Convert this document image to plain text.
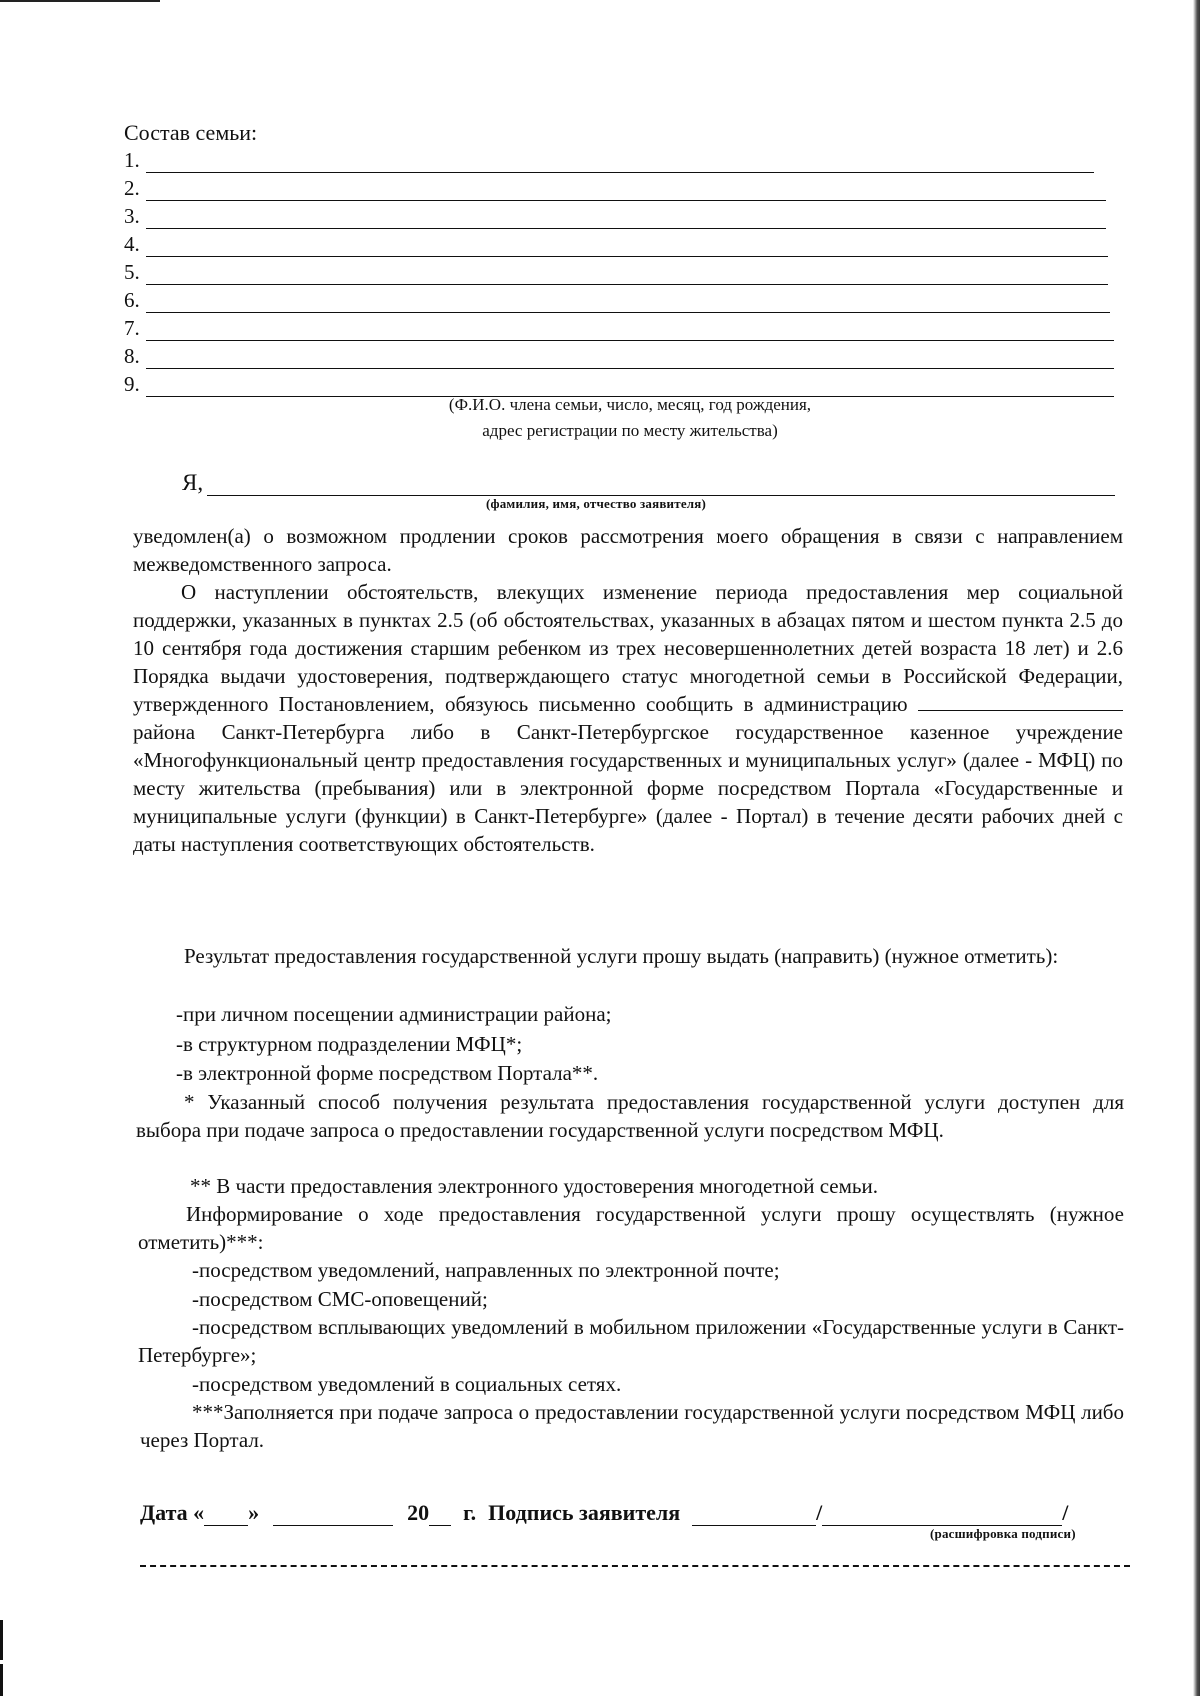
Состав семьи:
1.
2.
3.
4.
5.
6.
7.
8.
9.
(Ф.И.О. члена семьи, число, месяц, год рождения,
адрес регистрации по месту жительства)
Я,
(фамилия, имя, отчество заявителя)
уведомлен(а) о возможном продлении сроков рассмотрения моего обращения в связи с направлением межведомственного запроса.
О наступлении обстоятельств, влекущих изменение периода предоставления мер социальной поддержки, указанных в пунктах 2.5 (об обстоятельствах, указанных в абзацах пятом и шестом пункта 2.5 до 10 сентября года достижения старшим ребенком из трех несовершеннолетних детей возраста 18 лет) и 2.6 Порядка выдачи удостоверения, подтверждающего статус многодетной семьи в Российской Федерации, утвержденного Постановлением, обязуюсь письменно сообщить в администрацию  района Санкт-Петербурга либо в Санкт-Петербургское государственное казенное учреждение «Многофункциональный центр предоставления государственных и муниципальных услуг» (далее - МФЦ) по месту жительства (пребывания) или в электронной форме посредством Портала «Государственные и муниципальные услуги (функции) в Санкт-Петербурге» (далее - Портал) в течение десяти рабочих дней с даты наступления соответствующих обстоятельств.
Результат предоставления государственной услуги прошу выдать (направить) (нужное отметить):
-при личном посещении администрации района;
-в структурном подразделении МФЦ*;
-в электронной форме посредством Портала**.
* Указанный способ получения результата предоставления государственной услуги доступен для выбора при подаче запроса о предоставлении государственной услуги посредством МФЦ.
** В части предоставления электронного удостоверения многодетной семьи.
Информирование о ходе предоставления государственной услуги прошу осуществлять (нужное отметить)***:
-посредством уведомлений, направленных по электронной почте;
-посредством СМС-оповещений;
-посредством всплывающих уведомлений в мобильном приложении «Государственные услуги в Санкт-Петербурге»;
-посредством уведомлений в социальных сетях.
***Заполняется при подаче запроса о предоставлении государственной услуги посредством МФЦ либо через Портал.
Дата « »	20 г. Подпись заявителя	/	/
(расшифровка подписи)
